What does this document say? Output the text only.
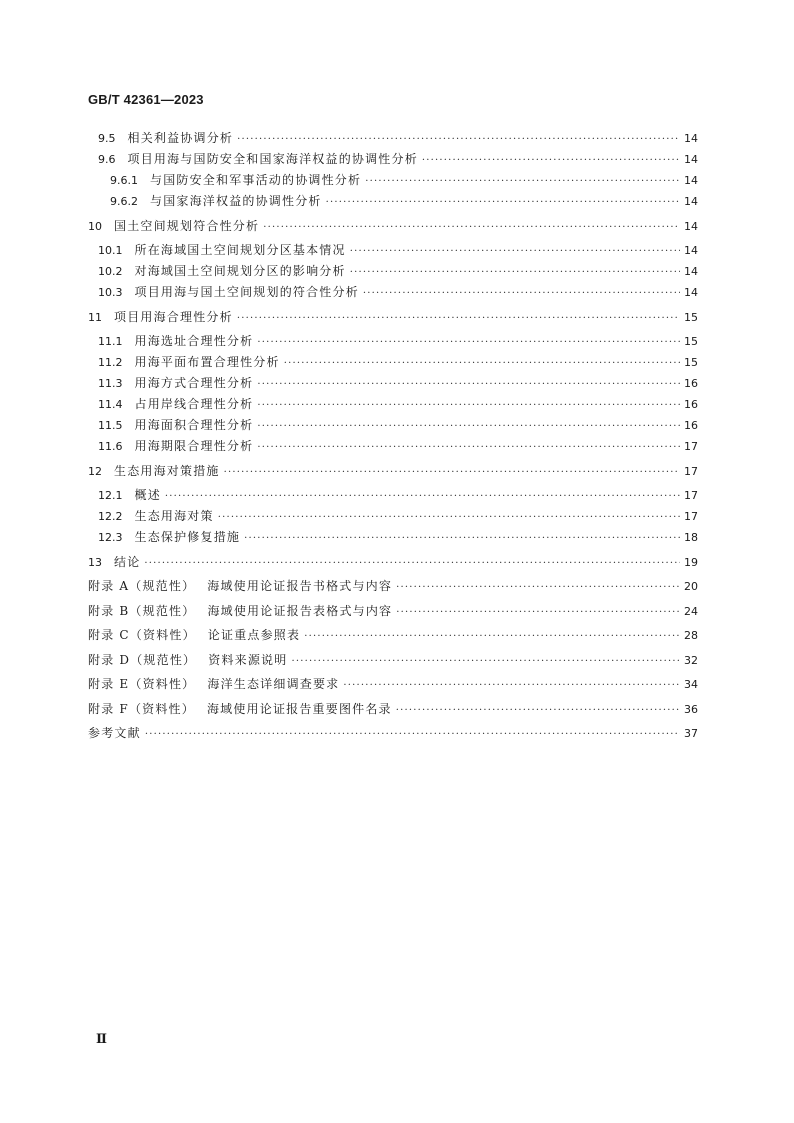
GB/T 42361—2023
9.5 相关利益协调分析 ·····	14
9.6 项目用海与国防安全和国家海洋权益的协调性分析 ·····	14
9.6.1 与国防安全和军事活动的协调性分析 ·····	14
9.6.2 与国家海洋权益的协调性分析 ·····	14
10 国土空间规划符合性分析 ·····	14
10.1 所在海域国土空间规划分区基本情况 ·····	14
10.2 对海域国土空间规划分区的影响分析 ·····	14
10.3 项目用海与国土空间规划的符合性分析 ·····	14
11 项目用海合理性分析 ·····	15
11.1 用海选址合理性分析 ·····	15
11.2 用海平面布置合理性分析 ·····	15
11.3 用海方式合理性分析 ·····	16
11.4 占用岸线合理性分析 ·····	16
11.5 用海面积合理性分析 ·····	16
11.6 用海期限合理性分析 ·····	17
12 生态用海对策措施 ·····	17
12.1 概述 ·····	17
12.2 生态用海对策 ·····	17
12.3 生态保护修复措施 ·····	18
13 结论 ·····	19
附录 A（规范性） 海域使用论证报告书格式与内容 ·····	20
附录 B（规范性） 海域使用论证报告表格式与内容 ·····	24
附录 C（资料性） 论证重点参照表 ·····	28
附录 D（规范性） 资料来源说明 ·····	32
附录 E（资料性） 海洋生态详细调查要求 ·····	34
附录 F（资料性） 海域使用论证报告重要图件名录 ·····	36
参考文献 ·····	37
Ⅱ
